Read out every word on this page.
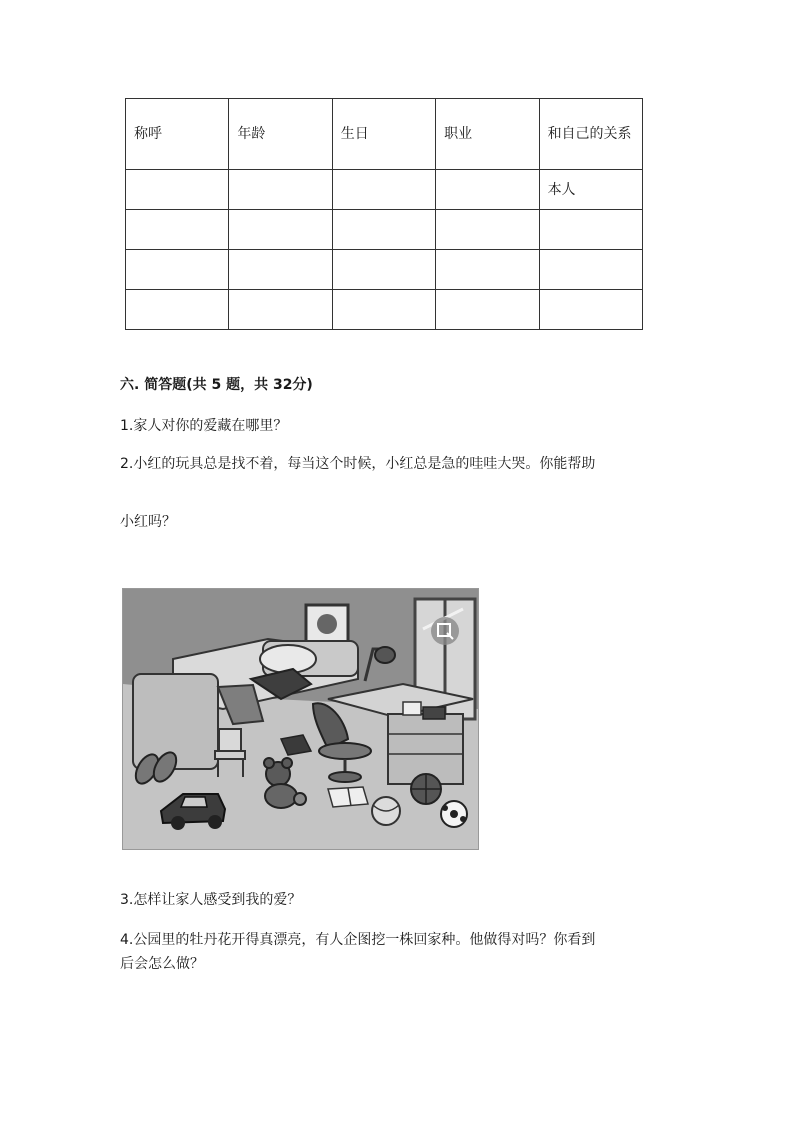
称呼	年龄	生日	职业	和自己的关系
				本人

六. 简答题(共 5 题，共 32分)
1.家人对你的爱藏在哪里？
2.小红的玩具总是找不着，每当这个时候，小红总是急的哇哇大哭。你能帮助
小红吗？
3.怎样让家人感受到我的爱？
4.公园里的牡丹花开得真漂亮，有人企图挖一株回家种。他做得对吗？你看到
后会怎么做？
